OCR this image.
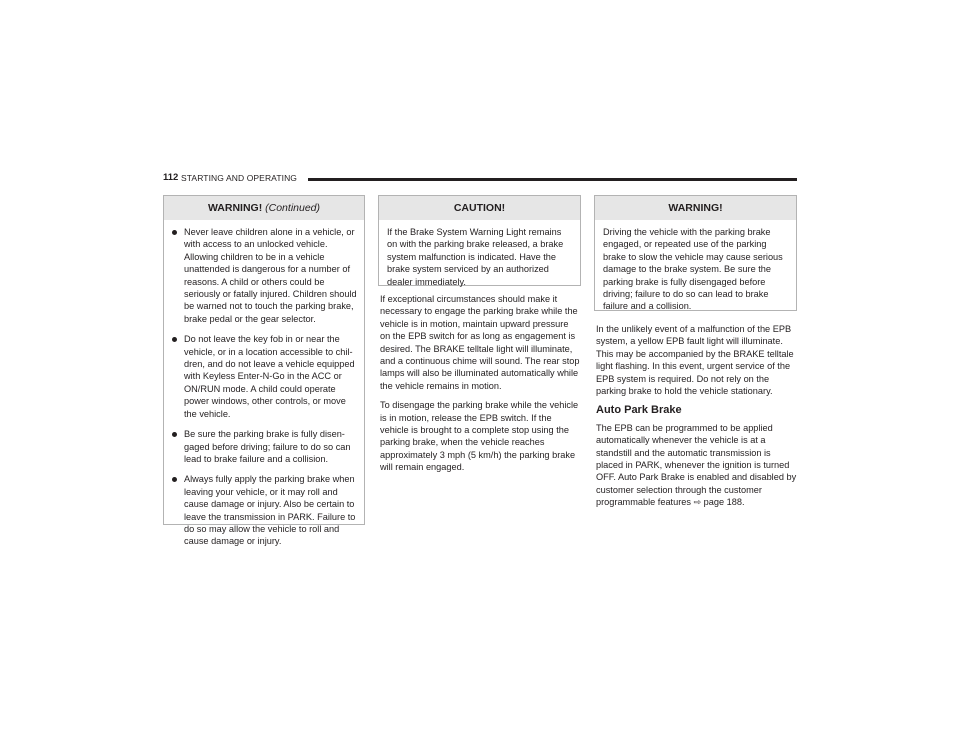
112 STARTING AND OPERATING
WARNING! (Continued)
Never leave children alone in a vehicle, or with access to an unlocked vehicle. Allowing children to be in a vehicle unattended is dangerous for a number of reasons. A child or others could be seriously or fatally injured. Children should be warned not to touch the parking brake, brake pedal or the gear selector.
Do not leave the key fob in or near the vehicle, or in a location accessible to chil-dren, and do not leave a vehicle equipped with Keyless Enter-N-Go in the ACC or ON/RUN mode. A child could operate power windows, other controls, or move the vehicle.
Be sure the parking brake is fully disen-gaged before driving; failure to do so can lead to brake failure and a collision.
Always fully apply the parking brake when leaving your vehicle, or it may roll and cause damage or injury. Also be certain to leave the transmission in PARK. Failure to do so may allow the vehicle to roll and cause damage or injury.
CAUTION!
If the Brake System Warning Light remains on with the parking brake released, a brake system malfunction is indicated. Have the brake system serviced by an authorized dealer immediately.

If exceptional circumstances should make it necessary to engage the parking brake while the vehicle is in motion, maintain upward pressure on the EPB switch for as long as engagement is desired. The BRAKE telltale light will illuminate, and a continuous chime will sound. The rear stop lamps will also be illuminated automatically while the vehicle remains in motion.

To disengage the parking brake while the vehicle is in motion, release the EPB switch. If the vehicle is brought to a complete stop using the parking brake, when the vehicle reaches approximately 3 mph (5 km/h) the parking brake will remain engaged.

WARNING!
Driving the vehicle with the parking brake engaged, or repeated use of the parking brake to slow the vehicle may cause serious damage to the brake system. Be sure the parking brake is fully disengaged before driving; failure to do so can lead to brake failure and a collision.

In the unlikely event of a malfunction of the EPB system, a yellow EPB fault light will illuminate. This may be accompanied by the BRAKE telltale light flashing. In this event, urgent service of the EPB system is required. Do not rely on the parking brake to hold the vehicle stationary.

Auto Park Brake

The EPB can be programmed to be applied automatically whenever the vehicle is at a standstill and the automatic transmission is placed in PARK, whenever the ignition is turned OFF. Auto Park Brake is enabled and disabled by customer selection through the customer programmable features ⇨ page 188.
